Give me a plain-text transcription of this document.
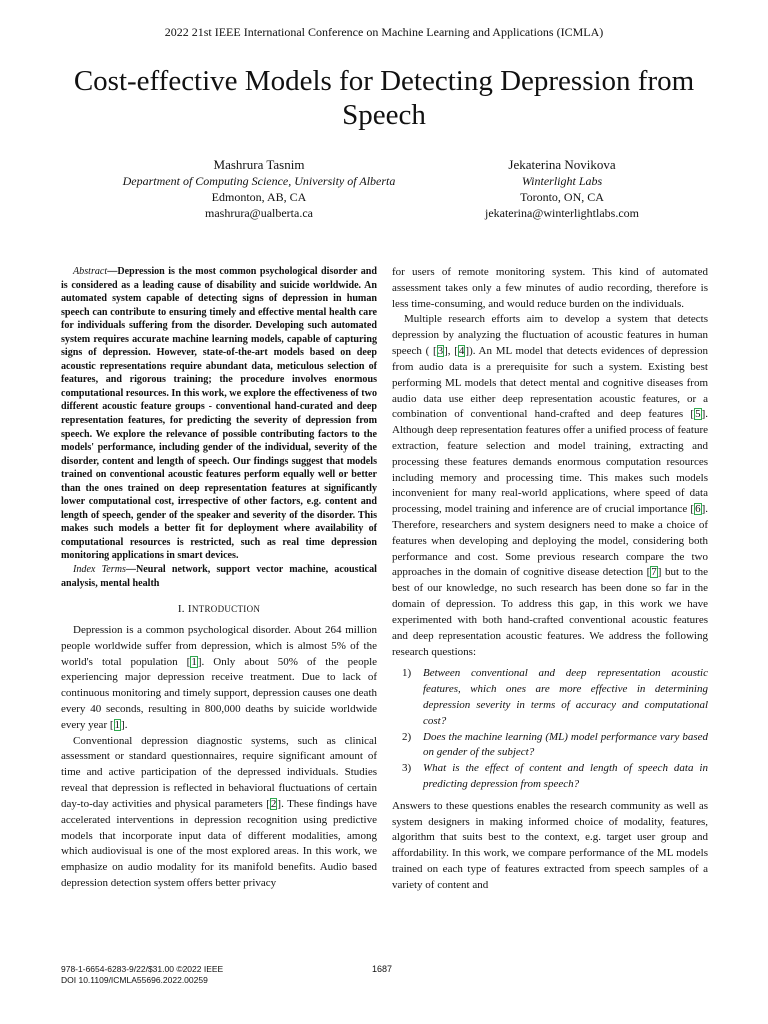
2022 21st IEEE International Conference on Machine Learning and Applications (ICMLA)
Cost-effective Models for Detecting Depression from Speech
Mashrura Tasnim
Department of Computing Science, University of Alberta
Edmonton, AB, CA
mashrura@ualberta.ca
Jekaterina Novikova
Winterlight Labs
Toronto, ON, CA
jekaterina@winterlightlabs.com

Abstract—Depression is the most common psychological disorder and is considered as a leading cause of disability and suicide worldwide. An automated system capable of detecting signs of depression in human speech can contribute to ensuring timely and effective mental health care for individuals suffering from the disorder. Developing such automated system requires accurate machine learning models, capable of capturing signs of depression. However, state-of-the-art models based on deep acoustic representations require abundant data, meticulous selection of features, and rigorous training; the procedure involves enormous computational resources. In this work, we explore the effectiveness of two different acoustic feature groups - conventional hand-curated and deep representation features, for predicting the severity of depression from speech. We explore the relevance of possible contributing factors to the models' performance, including gender of the individual, severity of the disorder, content and length of speech. Our findings suggest that models trained on conventional acoustic features perform equally well or better than the ones trained on deep representation features at significantly lower computational cost, irrespective of other factors, e.g. content and length of speech, gender of the speaker and severity of the disorder. This makes such models a better fit for deployment where availability of computational resources is restricted, such as real time depression monitoring applications in smart devices.

Index Terms—Neural network, support vector machine, acoustical analysis, mental health

I. INTRODUCTION

Depression is a common psychological disorder. About 264 million people worldwide suffer from depression, which is almost 5% of the world's total population [1]. Only about 50% of the people experiencing major depression receive treatment. Due to lack of continuous monitoring and timely support, depression causes one death every 40 seconds, resulting in 800,000 deaths by suicide worldwide every year [1].

Conventional depression diagnostic systems, such as clinical assessment or standard questionnaires, require significant amount of time and active participation of the depressed individuals. Studies reveal that depression is reflected in behavioral fluctuations of certain day-to-day activities and physical parameters [2]. These findings have accelerated interventions in depression recognition using predictive models that incorporate input data of different modalities, among which audiovisual is one of the most explored areas. In this work, we emphasize on audio modality for its manifold benefits. Audio based depression detection system offers better privacy

for users of remote monitoring system. This kind of automated assessment takes only a few minutes of audio recording, therefore is less time-consuming, and would reduce burden on the individuals.

Multiple research efforts aim to develop a system that detects depression by analyzing the fluctuation of acoustic features in human speech ( [3], [4]). An ML model that detects evidences of depression from audio data is a prerequisite for such a system. Existing best performing ML models that detect mental and cognitive diseases from audio data use either deep representation acoustic features, or a combination of conventional hand-crafted and deep features [5]. Although deep representation features offer a unified process of feature extraction, feature selection and model training, extracting and processing these features demands enormous computation resources including memory and processing time. This makes such models inconvenient for many real-world applications, where speed of data processing, model training and inference are of crucial importance [6]. Therefore, researchers and system designers need to make a choice of features when developing and deploying the model, considering both performance and cost. Some previous research compare the two approaches in the domain of cognitive disease detection [7] but to the best of our knowledge, no such research has been done so far in the domain of depression. To address this gap, in this work we have experimented with both hand-crafted conventional acoustic features and deep representation acoustic features. We address the following research questions:

1) Between conventional and deep representation acoustic features, which ones are more effective in determining depression severity in terms of accuracy and computational cost?
2) Does the machine learning (ML) model performance vary based on gender of the subject?
3) What is the effect of content and length of speech data in predicting depression from speech?

Answers to these questions enables the research community as well as system designers in making informed choice of modality, features, algorithm that suits best to the context, e.g. target user group and affordability. In this work, we compare performance of the ML models trained on each type of features extracted from speech samples of a variety of content and

978-1-6654-6283-9/22/$31.00 ©2022 IEEE
DOI 10.1109/ICMLA55696.2022.00259
1687
